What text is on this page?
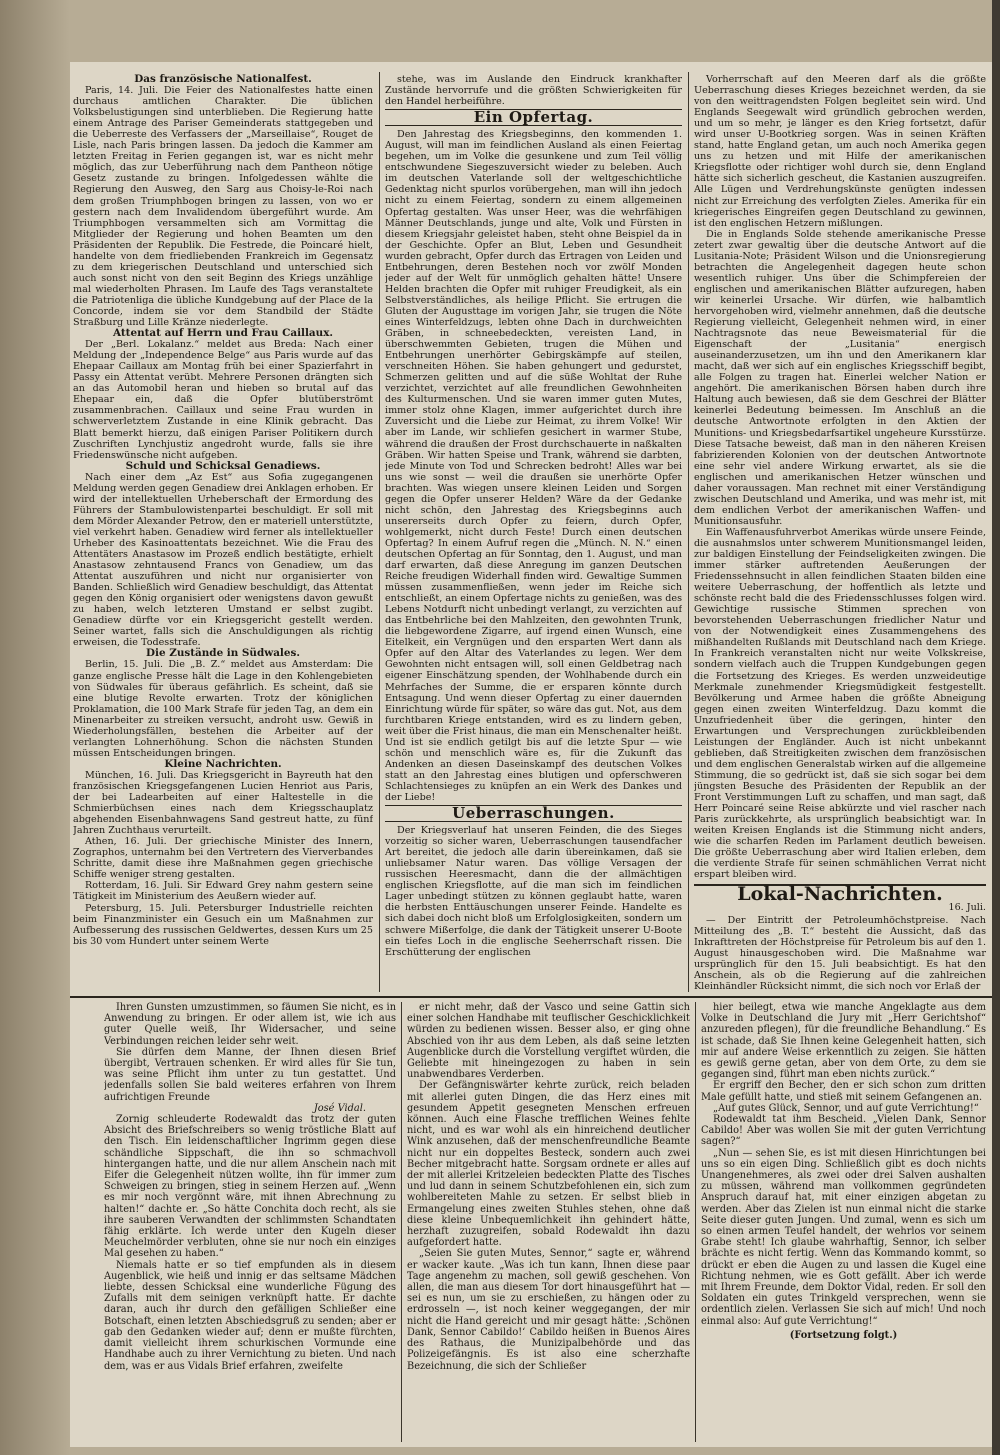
Das französische Nationalfest.

Paris, 14. Juli. Die Feier des Nationalfestes hatte einen durchaus amtlichen Charakter. Die üblichen Volksbelustigungen sind unterblieben. Die Regierung hatte einem Antrage des Pariser Gemeinderats stattgegeben und die Ueberreste des Verfassers der „Marseillaise“, Rouget de Lisle, nach Paris bringen lassen. Da jedoch die Kammer am letzten Freitag in Ferien gegangen ist, war es nicht mehr möglich, das zur Ueberführung nach dem Pantheon nötige Gesetz zustande zu bringen. Infolgedessen wählte die Regierung den Ausweg, den Sarg aus Choisy-le-Roi nach dem großen Triumphbogen bringen zu lassen, von wo er gestern nach dem Invalidendom übergeführt wurde. Am Triumphbogen versammelten sich am Vormittag die Mitglieder der Regierung und hohen Beamten um den Präsidenten der Republik. Die Festrede, die Poincaré hielt, handelte von dem friedliebenden Frankreich im Gegensatz zu dem kriegerischen Deutschland und unterschied sich auch sonst nicht von den seit Beginn des Kriegs unzählige mal wiederholten Phrasen. Im Laufe des Tags veranstaltete die Patriotenliga die übliche Kundgebung auf der Place de la Concorde, indem sie vor dem Standbild der Städte Straßburg und Lille Kränze niederlegte.

Attentat auf Herrn und Frau Caillaux.

Der „Berl. Lokalanz.“ meldet aus Breda: Nach einer Meldung der „Independence Belge“ aus Paris wurde auf das Ehepaar Caillaux am Montag früh bei einer Spazierfahrt in Passy ein Attentat verübt. Mehrere Personen drängten sich an das Automobil heran und hieben so brutal auf das Ehepaar ein, daß die Opfer blutüberströmt zusammenbrachen. Caillaux und seine Frau wurden in schwerverletztem Zustande in eine Klinik gebracht. Das Blatt bemerkt hierzu, daß einigen Pariser Politikern durch Zuschriften Lynchjustiz angedroht wurde, falls sie ihre Friedenswünsche nicht aufgeben.

Schuld und Schicksal Genadiews.

Nach einer dem „Az Est“ aus Sofia zugegangenen Meldung werden gegen Genadiew drei Anklagen erhoben. Er wird der intellektuellen Urheberschaft der Ermordung des Führers der Stambulowistenpartei beschuldigt. Er soll mit dem Mörder Alexander Petrow, den er materiell unterstützte, viel verkehrt haben. Genadiew wird ferner als intellektueller Urheber des Kasinoattentats bezeichnet. Wie die Frau des Attentäters Anastasow im Prozeß endlich bestätigte, erhielt Anastasow zehntausend Francs von Genadiew, um das Attentat auszuführen und nicht nur organisierter von Banden. Schließlich wird Genadiew beschuldigt, das Attentat gegen den König organisiert oder wenigstens davon gewußt zu haben, welch letzteren Umstand er selbst zugibt. Genadiew dürfte vor ein Kriegsgericht gestellt werden. Seiner wartet, falls sich die Anschuldigungen als richtig erweisen, die Todesstrafe.

Die Zustände in Südwales.

Berlin, 15. Juli. Die „B. Z.“ meldet aus Amsterdam: Die ganze englische Presse hält die Lage in den Kohlengebieten von Südwales für überaus gefährlich. Es scheint, daß sie eine blutige Revolte erwarten. Trotz der königlichen Proklamation, die 100 Mark Strafe für jeden Tag, an dem ein Minenarbeiter zu streiken versucht, androht usw. Gewiß in Wiederholungsfällen, bestehen die Arbeiter auf der verlangten Lohnerhöhung. Schon die nächsten Stunden müssen Entscheidungen bringen.

Kleine Nachrichten.

München, 16. Juli. Das Kriegsgericht in Bayreuth hat den französischen Kriegsgefangenen Lucien Henriot aus Paris, der bei Ladearbeiten auf einer Haltestelle in die Schmierbüchsen eines nach dem Kriegsschauplatz abgehenden Eisenbahnwagens Sand gestreut hatte, zu fünf Jahren Zuchthaus verurteilt.

Athen, 16. Juli. Der griechische Minister des Innern, Zographos, unternahm bei den Vertretern des Vierverbandes Schritte, damit diese ihre Maßnahmen gegen griechische Schiffe weniger streng gestalten.

Rotterdam, 16. Juli. Sir Edward Grey nahm gestern seine Tätigkeit im Ministerium des Aeußern wieder auf.

Petersburg, 15. Juli. Petersburger Industrielle reichten beim Finanzminister ein Gesuch ein um Maßnahmen zur Aufbesserung des russischen Geldwertes, dessen Kurs um 25 bis 30 vom Hundert unter seinem Werte

stehe, was im Auslande den Eindruck krankhafter Zustände hervorrufe und die größten Schwierigkeiten für den Handel herbeiführe.

Ein Opfertag.

Den Jahrestag des Kriegsbeginns, den kommenden 1. August, will man im feindlichen Ausland als einen Feiertag begehen, um im Volke die gesunkene und zum Teil völlig entschwundene Siegeszuversicht wieder zu beleben. Auch im deutschen Vaterlande soll der weltgeschichtliche Gedenktag nicht spurlos vorübergehen, man will ihn jedoch nicht zu einem Feiertag, sondern zu einem allgemeinen Opfertag gestalten. Was unser Heer, was die wehrfähigen Männer Deutschlands, junge und alte, Volk und Fürsten in diesem Kriegsjahr geleistet haben, steht ohne Beispiel da in der Geschichte. Opfer an Blut, Leben und Gesundheit wurden gebracht, Opfer durch das Ertragen von Leiden und Entbehrungen, deren Bestehen noch vor zwölf Monden jeder auf der Welt für unmöglich gehalten hätte! Unsere Helden brachten die Opfer mit ruhiger Freudigkeit, als ein Selbstverständliches, als heilige Pflicht. Sie ertrugen die Gluten der Augusttage im vorigen Jahr, sie trugen die Nöte eines Winterfeldzugs, lebten ohne Dach in durchweichten Gräben, in schneebedeckten, vereisten Land, in überschwemmten Gebieten, trugen die Mühen und Entbehrungen unerhörter Gebirgskämpfe auf steilen, verschneiten Höhen. Sie haben gehungert und gedurstet, Schmerzen gelitten und auf die süße Wohltat der Ruhe verzichtet, verzichtet auf alle freundlichen Gewohnheiten des Kulturmenschen. Und sie waren immer guten Mutes, immer stolz ohne Klagen, immer aufgerichtet durch ihre Zuversicht und die Liebe zur Heimat, zu ihrem Volke! Wir aber im Lande, wir schliefen gesichert in warmer Stube, während die draußen der Frost durchschauerte in naßkalten Gräben. Wir hatten Speise und Trank, während sie darbten, jede Minute von Tod und Schrecken bedroht! Alles war bei uns wie sonst — weil die draußen sie unerhörte Opfer brachten. Was wiegen unsere kleinen Leiden und Sorgen gegen die Opfer unserer Helden? Wäre da der Gedanke nicht schön, den Jahrestag des Kriegsbeginns auch unsererseits durch Opfer zu feiern, durch Opfer, wohlgemerkt, nicht durch Feste! Durch einen deutschen Opfertag? In einem Aufruf regen die „Münch. N. N.“ einen deutschen Opfertag an für Sonntag, den 1. August, und man darf erwarten, daß diese Anregung im ganzen Deutschen Reiche freudigen Widerhall finden wird. Gewaltige Summen müssen zusammenfließen, wenn jeder im Reiche sich entschließt, an einem Opfertage nichts zu genießen, was des Lebens Notdurft nicht unbedingt verlangt, zu verzichten auf das Entbehrliche bei den Mahlzeiten, den gewohnten Trunk, die liebgewordene Zigarre, auf irgend einen Wunsch, eine Eitelkeit, ein Vergnügen und den ersparten Wert dann als Opfer auf den Altar des Vaterlandes zu legen. Wer dem Gewohnten nicht entsagen will, soll einen Geldbetrag nach eigener Einschätzung spenden, der Wohlhabende durch ein Mehrfaches der Summe, die er ersparen könnte durch Entsagung. Und wenn dieser Opfertag zu einer dauernden Einrichtung würde für später, so wäre das gut. Not, aus dem furchtbaren Kriege entstanden, wird es zu lindern geben, weit über die Frist hinaus, die man ein Menschenalter heißt. Und ist sie endlich getilgt bis auf die letzte Spur — wie schön und menschlich wäre es, für die Zukunft das Andenken an diesen Daseinskampf des deutschen Volkes statt an den Jahrestag eines blutigen und opferschweren Schlachtensieges zu knüpfen an ein Werk des Dankes und der Liebe!

Ueberraschungen.

Der Kriegsverlauf hat unseren Feinden, die des Sieges vorzeitig so sicher waren, Ueberraschungen tausendfacher Art bereitet, die jedoch alle darin übereinkamen, daß sie unliebsamer Natur waren. Das völlige Versagen der russischen Heeresmacht, dann die der allmächtigen englischen Kriegsflotte, auf die man sich im feindlichen Lager unbedingt stützen zu können geglaubt hatte, waren die herbsten Enttäuschungen unserer Feinde. Handelte es sich dabei doch nicht bloß um Erfolglosigkeiten, sondern um schwere Mißerfolge, die dank der Tätigkeit unserer U-Boote ein tiefes Loch in die englische Seeherrschaft rissen. Die Erschütterung der englischen

Vorherrschaft auf den Meeren darf als die größte Ueberraschung dieses Krieges bezeichnet werden, da sie von den weittragendsten Folgen begleitet sein wird. Und Englands Seegewalt wird gründlich gebrochen werden, und um so mehr, je länger es den Krieg fortsetzt, dafür wird unser U-Bootkrieg sorgen. Was in seinen Kräften stand, hatte England getan, um auch noch Amerika gegen uns zu hetzen und mit Hilfe der amerikanischen Kriegsflotte oder richtiger wohl durch sie, denn England hätte sich sicherlich gescheut, die Kastanien auszugreifen. Alle Lügen und Verdrehungskünste genügten indessen nicht zur Erreichung des verfolgten Zieles. Amerika für ein kriegerisches Eingreifen gegen Deutschland zu gewinnen, ist den englischen Hetzern mißlungen.

Die in Englands Solde stehende amerikanische Presse zetert zwar gewaltig über die deutsche Antwort auf die Lusitania-Note; Präsident Wilson und die Unionsregierung betrachten die Angelegenheit dagegen heute schon wesentlich ruhiger. Uns über die Schimpfereien der englischen und amerikanischen Blätter aufzuregen, haben wir keinerlei Ursache. Wir dürfen, wie halbamtlich hervorgehoben wird, vielmehr annehmen, daß die deutsche Regierung vielleicht, Gelegenheit nehmen wird, in einer Nachtragsnote das neue Beweismaterial für die Eigenschaft der „Lusitania“ energisch auseinanderzusetzen, um ihn und den Amerikanern klar macht, daß wer sich auf ein englisches Kriegsschiff begibt, alle Folgen zu tragen hat. Einerlei welcher Nation er angehört. Die amerikanischen Börsen haben durch ihre Haltung auch bewiesen, daß sie dem Geschrei der Blätter keinerlei Bedeutung beimessen. Im Anschluß an die deutsche Antwortnote erfolgten in den Aktien der Munitions- und Kriegsbedarfsartikel ungeheure Kursstürze. Diese Tatsache beweist, daß man in den näheren Kreisen fabrizierenden Kolonien von der deutschen Antwortnote eine sehr viel andere Wirkung erwartet, als sie die englischen und amerikanischen Hetzer wünschen und daher voraussagen. Man rechnet mit einer Verständigung zwischen Deutschland und Amerika, und was mehr ist, mit dem endlichen Verbot der amerikanischen Waffen- und Munitionsausfuhr.

Ein Waffenausfuhrverbot Amerikas würde unsere Feinde, die ausnahmslos unter schwerem Munitionsmangel leiden, zur baldigen Einstellung der Feindseligkeiten zwingen. Die immer stärker auftretenden Aeußerungen der Friedenssehnsucht in allen feindlichen Staaten bilden eine weitere Ueberraschung, der hoffentlich als letzte und schönste recht bald die des Friedensschlusses folgen wird. Gewichtige russische Stimmen sprechen von bevorstehenden Ueberraschungen friedlicher Natur und von der Notwendigkeit eines Zusammengehens des mißhandelten Rußlands mit Deutschland nach dem Kriege. In Frankreich veranstalten nicht nur weite Volkskreise, sondern vielfach auch die Truppen Kundgebungen gegen die Fortsetzung des Krieges. Es werden unzweideutige Merkmale zunehmender Kriegsmüdigkeit festgestellt. Bevölkerung und Armee haben die größte Abneigung gegen einen zweiten Winterfeldzug. Dazu kommt die Unzufriedenheit über die geringen, hinter den Erwartungen und Versprechungen zurückbleibenden Leistungen der Engländer. Auch ist nicht unbekannt geblieben, daß Streitigkeiten zwischen dem französischen und dem englischen Generalstab wirken auf die allgemeine Stimmung, die so gedrückt ist, daß sie sich sogar bei dem jüngsten Besuche des Präsidenten der Republik an der Front Verstimmungen Luft zu schaffen, und man sagt, daß Herr Poincaré seine Reise abkürzte und viel rascher nach Paris zurückkehrte, als ursprünglich beabsichtigt war. In weiten Kreisen Englands ist die Stimmung nicht anders, wie die scharfen Reden im Parlament deutlich beweisen. Die größte Ueberraschung aber wird Italien erleben, dem die verdiente Strafe für seinen schmählichen Verrat nicht erspart bleiben wird.

Lokal-Nachrichten.
16. Juli.

— Der Eintritt der Petroleumhöchstpreise. Nach Mitteilung des „B. T.“ besteht die Aussicht, daß das Inkrafttreten der Höchstpreise für Petroleum bis auf den 1. August hinausgeschoben wird. Die Maßnahme war ursprünglich für den 15. Juli beabsichtigt. Es hat den Anschein, als ob die Regierung auf die zahlreichen Kleinhändler Rücksicht nimmt, die sich noch vor Erlaß der

Ihren Gunsten umzustimmen, so fäumen Sie nicht, es in Anwendung zu bringen. Er oder allem ist, wie ich aus guter Quelle weiß, Ihr Widersacher, und seine Verbindungen reichen leider sehr weit.

Sie dürfen dem Manne, der Ihnen diesen Brief übergibt, Vertrauen schenken. Er wird alles für Sie tun, was seine Pflicht ihm unter zu tun gestattet. Und jedenfalls sollen Sie bald weiteres erfahren von Ihrem aufrichtigen Freunde

José Vidal.

Zornig schleuderte Rodewaldt das trotz der guten Absicht des Briefschreibers so wenig tröstliche Blatt auf den Tisch. Ein leidenschaftlicher Ingrimm gegen diese schändliche Sippschaft, die ihn so schmachvoll hintergangen hatte, und die nur allem Anschein nach mit Eifer die Gelegenheit nützen wollte, ihn für immer zum Schweigen zu bringen, stieg in seinem Herzen auf. „Wenn es mir noch vergönnt wäre, mit ihnen Abrechnung zu halten!“ dachte er. „So hätte Conchita doch recht, als sie ihre sauberen Verwandten der schlimmsten Schandtaten fähig erklärte. Ich werde unter den Kugeln dieser Meuchelmörder verbluten, ohne sie nur noch ein einziges Mal gesehen zu haben.“

Niemals hatte er so tief empfunden als in diesem Augenblick, wie heiß und innig er das seltsame Mädchen liebte, dessen Schicksal eine wunderliche Fügung des Zufalls mit dem seinigen verknüpft hatte. Er dachte daran, auch ihr durch den gefälligen Schließer eine Botschaft, einen letzten Abschiedsgruß zu senden; aber er gab den Gedanken wieder auf; denn er mußte fürchten, damit vielleicht ihrem schurkischen Vormunde eine Handhabe auch zu ihrer Vernichtung zu bieten. Und nach dem, was er aus Vidals Brief erfahren, zweifelte

er nicht mehr, daß der Vasco und seine Gattin sich einer solchen Handhabe mit teuflischer Geschicklichkeit würden zu bedienen wissen. Besser also, er ging ohne Abschied von ihr aus dem Leben, als daß seine letzten Augenblicke durch die Vorstellung vergiftet würden, die Geliebte mit hineingezogen zu haben in sein unabwendbares Verderben.

Der Gefängniswärter kehrte zurück, reich beladen mit allerlei guten Dingen, die das Herz eines mit gesundem Appetit gesegneten Menschen erfreuen können. Auch eine Flasche trefflichen Weines fehlte nicht, und es war wohl als ein hinreichend deutlicher Wink anzusehen, daß der menschenfreundliche Beamte nicht nur ein doppeltes Besteck, sondern auch zwei Becher mitgebracht hatte. Sorgsam ordnete er alles auf der mit allerlei Kritzeleien bedeckten Platte des Tisches und lud dann in seinem Schutzbefohlenen ein, sich zum wohlbereiteten Mahle zu setzen. Er selbst blieb in Ermangelung eines zweiten Stuhles stehen, ohne daß diese kleine Unbequemlichkeit ihn gehindert hätte, herzhaft zuzugreifen, sobald Rodewaldt ihn dazu aufgefordert hatte.

„Seien Sie guten Mutes, Sennor,“ sagte er, während er wacker kaute. „Was ich tun kann, Ihnen diese paar Tage angenehm zu machen, soll gewiß geschehen. Von allen, die man aus diesem Tor dort hinausgeführt hat — sei es nun, um sie zu erschießen, zu hängen oder zu erdrosseln —, ist noch keiner weggegangen, der mir nicht die Hand gereicht und mir gesagt hätte: ‚Schönen Dank, Sennor Cabildo!‘ Cabildo heißen in Buenos Aires des Rathaus, die Munizipalbehörde und das Polizeigefängnis. Es ist also eine scherzhafte Bezeichnung, die sich der Schließer

hier beilegt, etwa wie manche Angeklagte aus dem Volke in Deutschland die Jury mit „Herr Gerichtshof“ anzureden pflegen), für die freundliche Behandlung.“ Es ist schade, daß Sie Ihnen keine Gelegenheit hatten, sich mir auf andere Weise erkenntlich zu zeigen. Sie hätten es gewiß gerne getan, aber von dem Orte, zu dem sie gegangen sind, führt man eben nichts zurück.“

Er ergriff den Becher, den er sich schon zum dritten Male gefüllt hatte, und stieß mit seinem Gefangenen an.

„Auf gutes Glück, Sennor, und auf gute Verrichtung!“

Rodewaldt tat ihm Bescheid. „Vielen Dank, Sennor Cabildo! Aber was wollen Sie mit der guten Verrichtung sagen?“

„Nun — sehen Sie, es ist mit diesen Hinrichtungen bei uns so ein eigen Ding. Schließlich gibt es doch nichts Unangenehmeres, als zwei oder drei Salven aushalten zu müssen, während man vollkommen gegründeten Anspruch darauf hat, mit einer einzigen abgetan zu werden. Aber das Zielen ist nun einmal nicht die starke Seite dieser guten Jungen. Und zumal, wenn es sich um so einen armen Teufel handelt, der wehrlos vor seinem Grabe steht! Ich glaube wahrhaftig, Sennor, ich selber brächte es nicht fertig. Wenn das Kommando kommt, so drückt er eben die Augen zu und lassen die Kugel eine Richtung nehmen, wie es Gott gefällt. Aber ich werde mit Ihrem Freunde, dem Doktor Vidal, reden. Er soll den Soldaten ein gutes Trinkgeld versprechen, wenn sie ordentlich zielen. Verlassen Sie sich auf mich! Und noch einmal also: Auf gute Verrichtung!“

(Fortsetzung folgt.)
